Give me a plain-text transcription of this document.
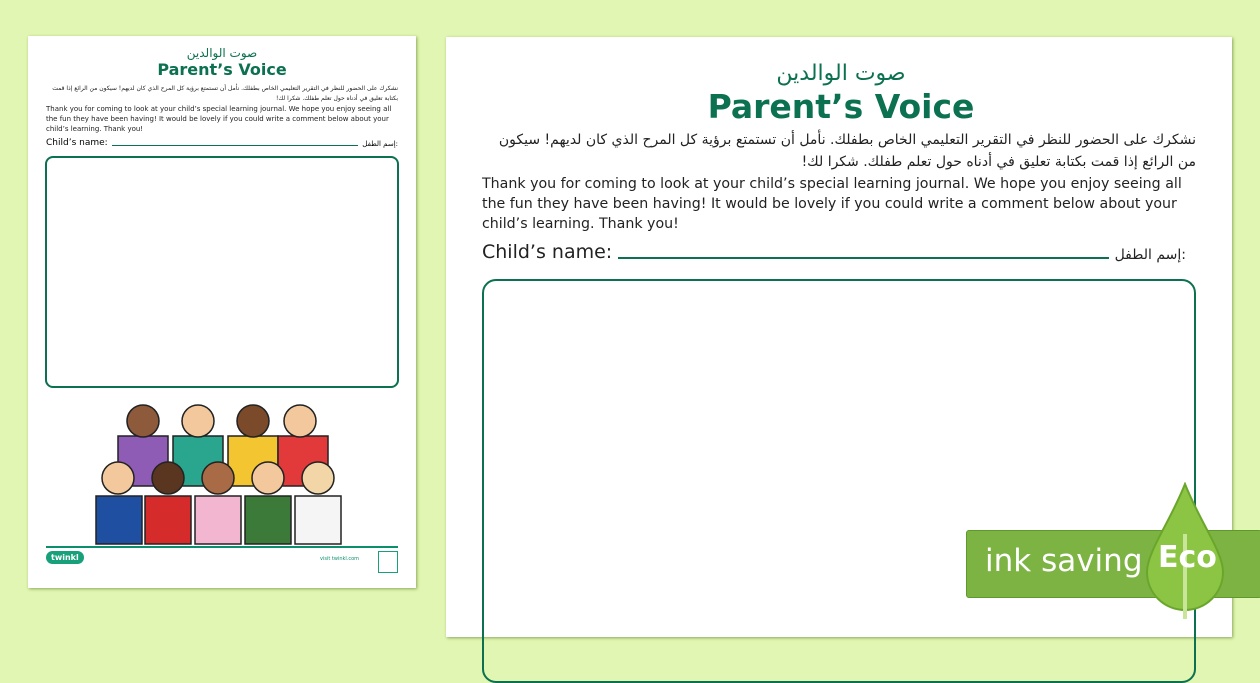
صوت الوالدين
Parent’s Voice
نشكرك على الحضور للنظر في التقرير التعليمي الخاص بطفلك. نأمل أن تستمتع برؤية كل المرح الذي كان لديهم! سيكون من الرائع إذا قمت بكتابة تعليق في أدناه حول تعلم طفلك. شكرا لك!
Thank you for coming to look at your child’s special learning journal. We hope you enjoy seeing all the fun they have been having! It would be lovely if you could write a comment below about your child’s learning. Thank you!
Child’s name:	إسم الطفل:
twinkl	visit twinkl.com
صوت الوالدين
Parent’s Voice
نشكرك على الحضور للنظر في التقرير التعليمي الخاص بطفلك. نأمل أن تستمتع برؤية كل المرح الذي كان لديهم! سيكون من الرائع إذا قمت بكتابة تعليق في أدناه حول تعلم طفلك. شكرا لك!
Thank you for coming to look at your child’s special learning journal. We hope you enjoy seeing all the fun they have been having! It would be lovely if you could write a comment below about your child’s learning. Thank you!
Child’s name:	إسم الطفل:
ink saving Eco
